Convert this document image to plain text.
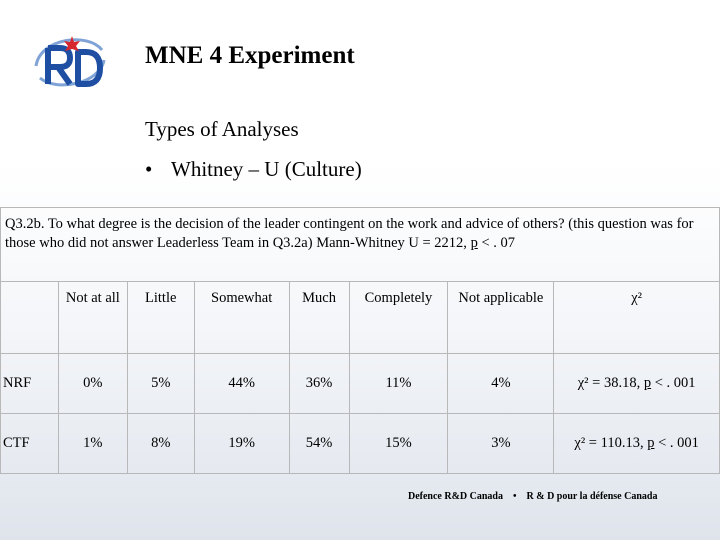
MNE 4 Experiment
Types of Analyses
• Whitney – U (Culture)
Q3.2b. To what degree is the decision of the leader contingent on the work and advice of others? (this question was for those who did not answer Leaderless Team in Q3.2a) Mann-Whitney U = 2212, p < . 07							
	Not at all	Little	Somewhat	Much	Completely	Not applicable	χ²
NRF	0%	5%	44%	36%	11%	4%	χ² = 38.18, p < . 001
CTF	1%	8%	19%	54%	15%	3%	χ² = 110.13, p < . 001
Defence R&D Canada • R & D pour la défense Canada
